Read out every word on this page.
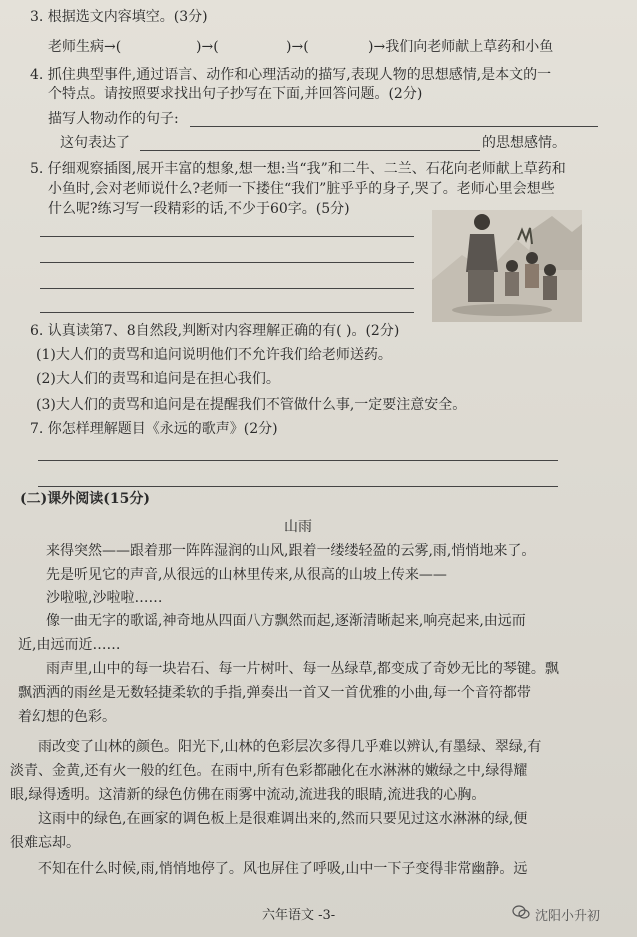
3. 根据选文内容填空。(3分)
老师生病→(	)→(	)→(	)→我们向老师献上草药和小鱼
4. 抓住典型事件,通过语言、动作和心理活动的描写,表现人物的思想感情,是本文的一
个特点。请按照要求找出句子抄写在下面,并回答问题。(2分)
描写人物动作的句子:
这句表达了	的思想感情。
5. 仔细观察插图,展开丰富的想象,想一想:当“我”和二牛、二兰、石花向老师献上草药和
小鱼时,会对老师说什么?老师一下搂住“我们”脏乎乎的身子,哭了。老师心里会想些
什么呢?练习写一段精彩的话,不少于60字。(5分)
6. 认真读第7、8自然段,判断对内容理解正确的有( )。(2分)
(1)大人们的责骂和追问说明他们不允许我们给老师送药。
(2)大人们的责骂和追问是在担心我们。
(3)大人们的责骂和追问是在提醒我们不管做什么事,一定要注意安全。
7. 你怎样理解题目《永远的歌声》(2分)
(二)课外阅读(15分)
山雨
来得突然——跟着那一阵阵湿润的山风,跟着一缕缕轻盈的云雾,雨,悄悄地来了。
先是听见它的声音,从很远的山林里传来,从很高的山坡上传来——
沙啦啦,沙啦啦……
像一曲无字的歌谣,神奇地从四面八方飘然而起,逐渐清晰起来,响亮起来,由远而
近,由远而近……
雨声里,山中的每一块岩石、每一片树叶、每一丛绿草,都变成了奇妙无比的琴键。飘
飘洒洒的雨丝是无数轻捷柔软的手指,弹奏出一首又一首优雅的小曲,每一个音符都带
着幻想的色彩。
雨改变了山林的颜色。阳光下,山林的色彩层次多得几乎难以辨认,有墨绿、翠绿,有
淡青、金黄,还有火一般的红色。在雨中,所有色彩都融化在水淋淋的嫩绿之中,绿得耀
眼,绿得透明。这清新的绿色仿佛在雨雾中流动,流进我的眼睛,流进我的心胸。
这雨中的绿色,在画家的调色板上是很难调出来的,然而只要见过这水淋淋的绿,便
很难忘却。
不知在什么时候,雨,悄悄地停了。风也屏住了呼吸,山中一下子变得非常幽静。远
六年语文 -3-	沈阳小升初
